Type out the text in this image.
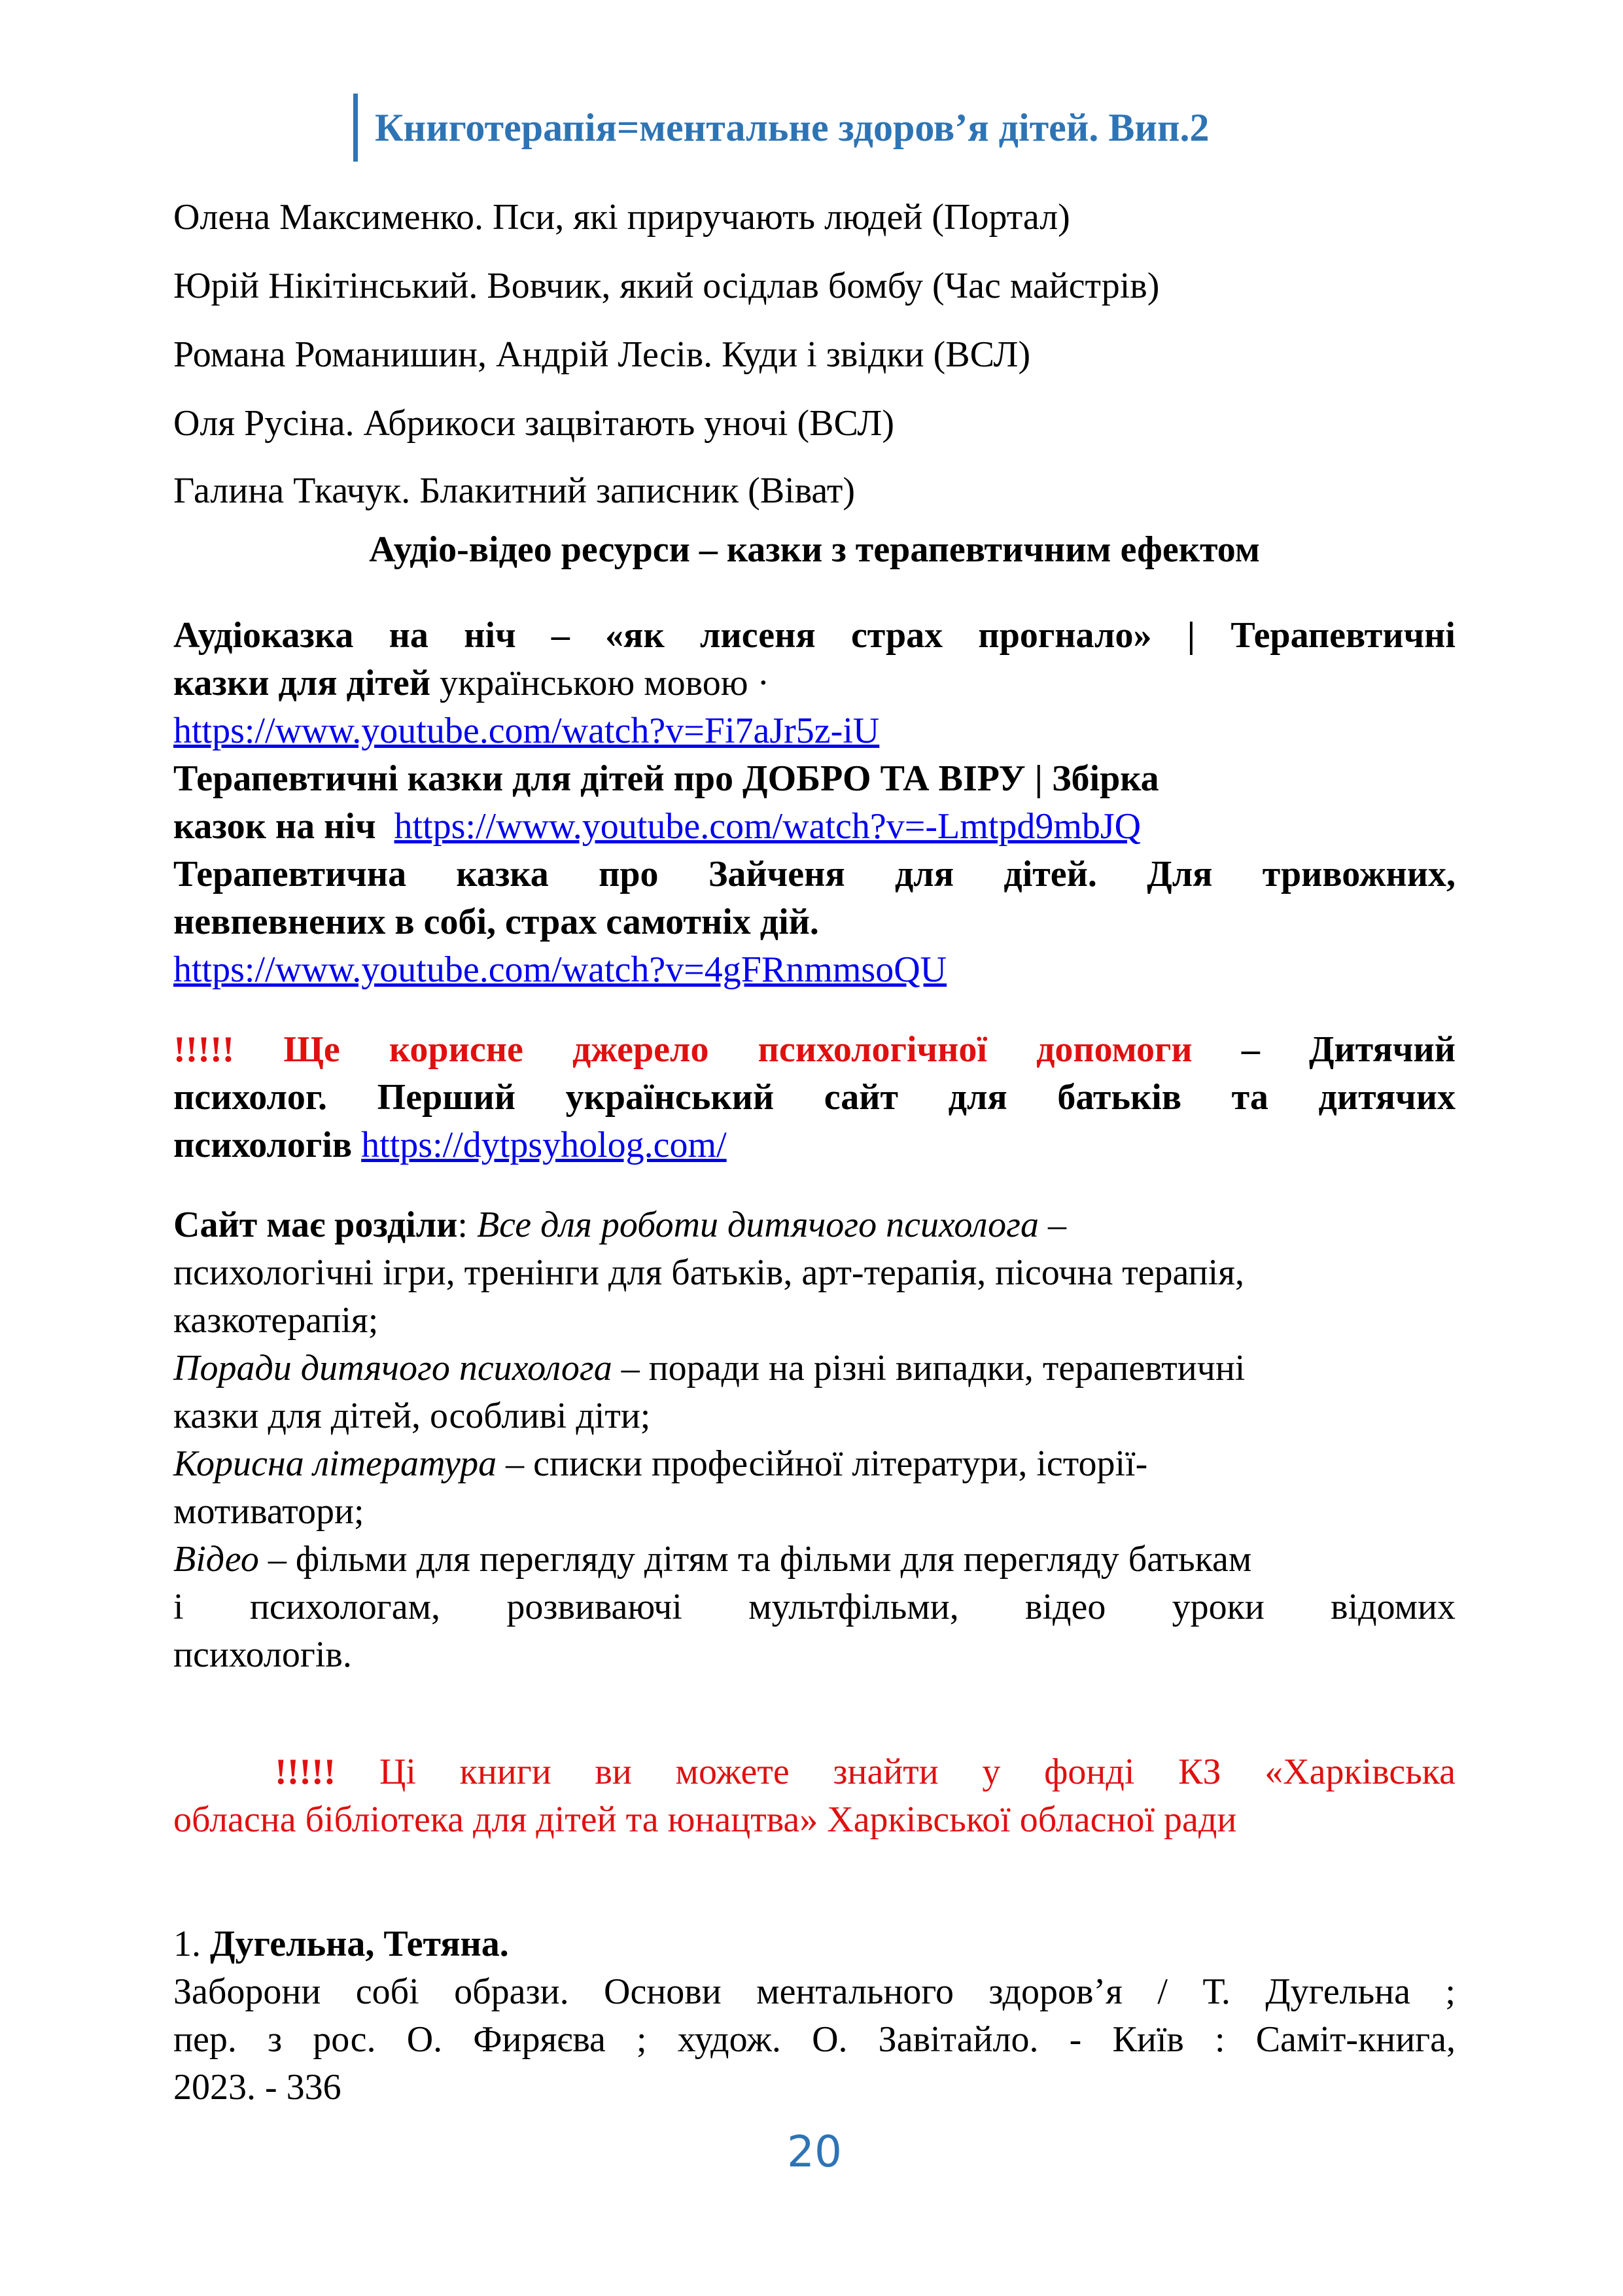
Книготерапія=ментальне здоров’я дітей. Вип.2
Олена Максименко. Пси, які приручають людей (Портал)
Юрій Нікітінський. Вовчик, який осідлав бомбу (Час майстрів)
Романа Романишин, Андрій Лесів. Куди і звідки (ВСЛ)
Оля Русіна. Абрикоси зацвітають уночі (ВСЛ)
Галина Ткачук. Блакитний записник (Віват)
Аудіо-відео ресурси – казки з терапевтичним ефектом
Аудіоказка на ніч – «як лисеня страх прогнало» | Терапевтичні
казки для дітей українською мовою ·
https://www.youtube.com/watch?v=Fi7aJr5z-iU
Терапевтичні казки для дітей про ДОБРО ТА ВІРУ | Збірка
казок на ніч https://www.youtube.com/watch?v=-Lmtpd9mbJQ
Терапевтична казка про Зайченя для дітей. Для тривожних,
невпевнених в собі, страх самотніх дій.
https://www.youtube.com/watch?v=4gFRnmmsoQU
!!!!! Ще корисне джерело психологічної допомоги – Дитячий
психолог. Перший український сайт для батьків та дитячих
психологів https://dytpsyholog.com/
Сайт має розділи: Все для роботи дитячого психолога –
психологічні ігри, тренінги для батьків, арт-терапія, пісочна терапія,
казкотерапія;
Поради дитячого психолога – поради на різні випадки, терапевтичні
казки для дітей, особливі діти;
Корисна література – списки професійної літератури, історії-
мотиватори;
Відео – фільми для перегляду дітям та фільми для перегляду батькам
і психологам, розвиваючі мультфільми, відео уроки відомих
психологів.
!!!!! Ці книги ви можете знайти у фонді КЗ «Харківська
обласна бібліотека для дітей та юнацтва» Харківської обласної ради
1. Дугельна, Тетяна.
Заборони собі образи. Основи ментального здоров’я / Т. Дугельна ;
пер. з рос. О. Фиряєва ; худож. О. Завітайло. - Київ : Саміт-книга,
2023. - 336
20
